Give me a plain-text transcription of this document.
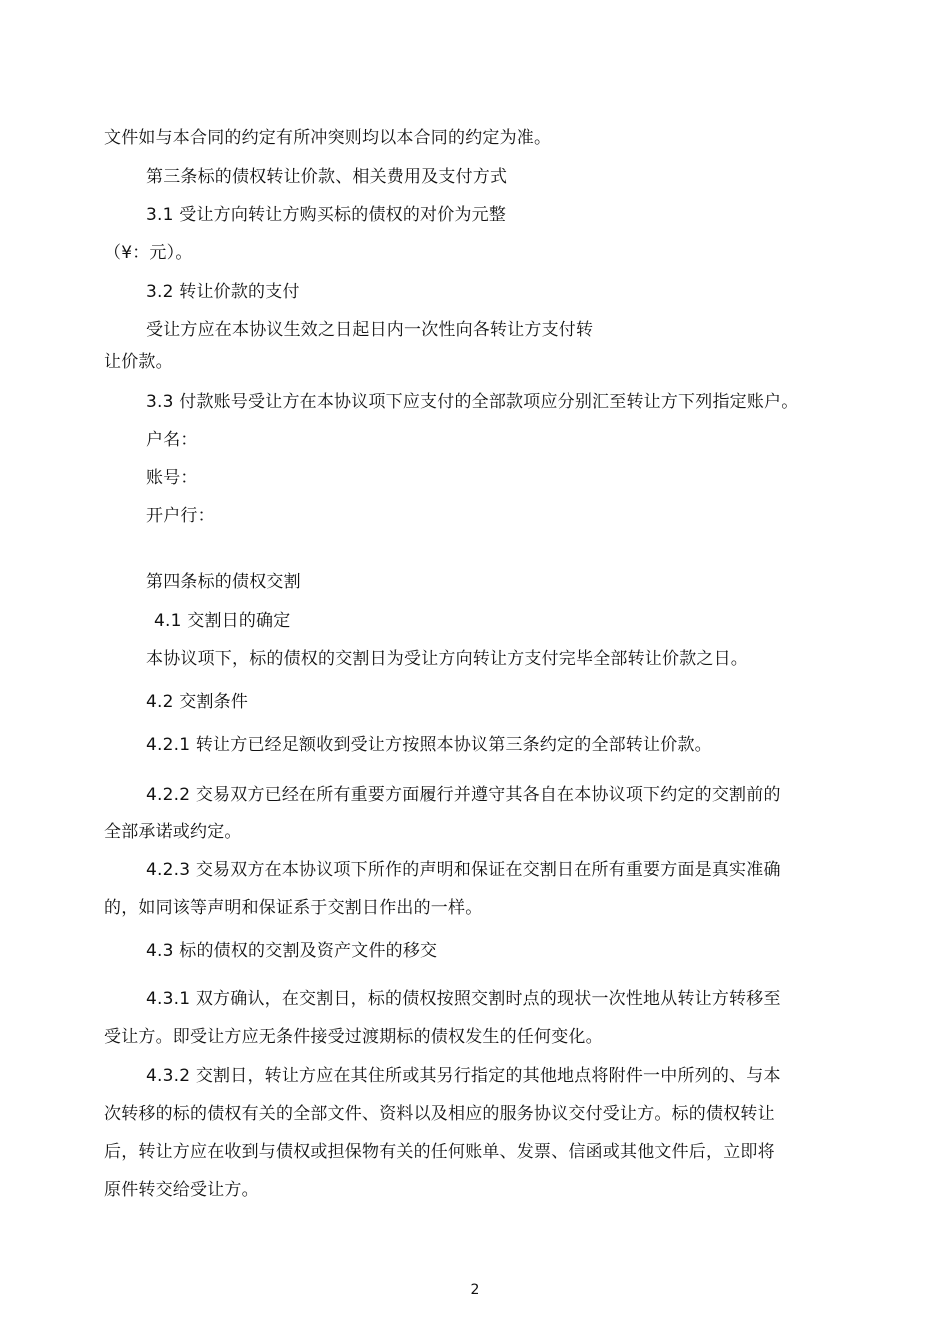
文件如与本合同的约定有所冲突则均以本合同的约定为准。
第三条标的债权转让价款、相关费用及支付方式
3.1 受让方向转让方购买标的债权的对价为元整
（¥：元）。
3.2 转让价款的支付
受让方应在本协议生效之日起日内一次性向各转让方支付转
让价款。
3.3 付款账号受让方在本协议项下应支付的全部款项应分别汇至转让方下列指定账户。
户名：
账号：
开户行：
第四条标的债权交割
4.1 交割日的确定
本协议项下，标的债权的交割日为受让方向转让方支付完毕全部转让价款之日。
4.2 交割条件
4.2.1 转让方已经足额收到受让方按照本协议第三条约定的全部转让价款。
4.2.2 交易双方已经在所有重要方面履行并遵守其各自在本协议项下约定的交割前的
全部承诺或约定。
4.2.3 交易双方在本协议项下所作的声明和保证在交割日在所有重要方面是真实准确
的，如同该等声明和保证系于交割日作出的一样。
4.3 标的债权的交割及资产文件的移交
4.3.1 双方确认，在交割日，标的债权按照交割时点的现状一次性地从转让方转移至
受让方。即受让方应无条件接受过渡期标的债权发生的任何变化。
4.3.2 交割日，转让方应在其住所或其另行指定的其他地点将附件一中所列的、与本
次转移的标的债权有关的全部文件、资料以及相应的服务协议交付受让方。标的债权转让
后，转让方应在收到与债权或担保物有关的任何账单、发票、信函或其他文件后，立即将
原件转交给受让方。
2
